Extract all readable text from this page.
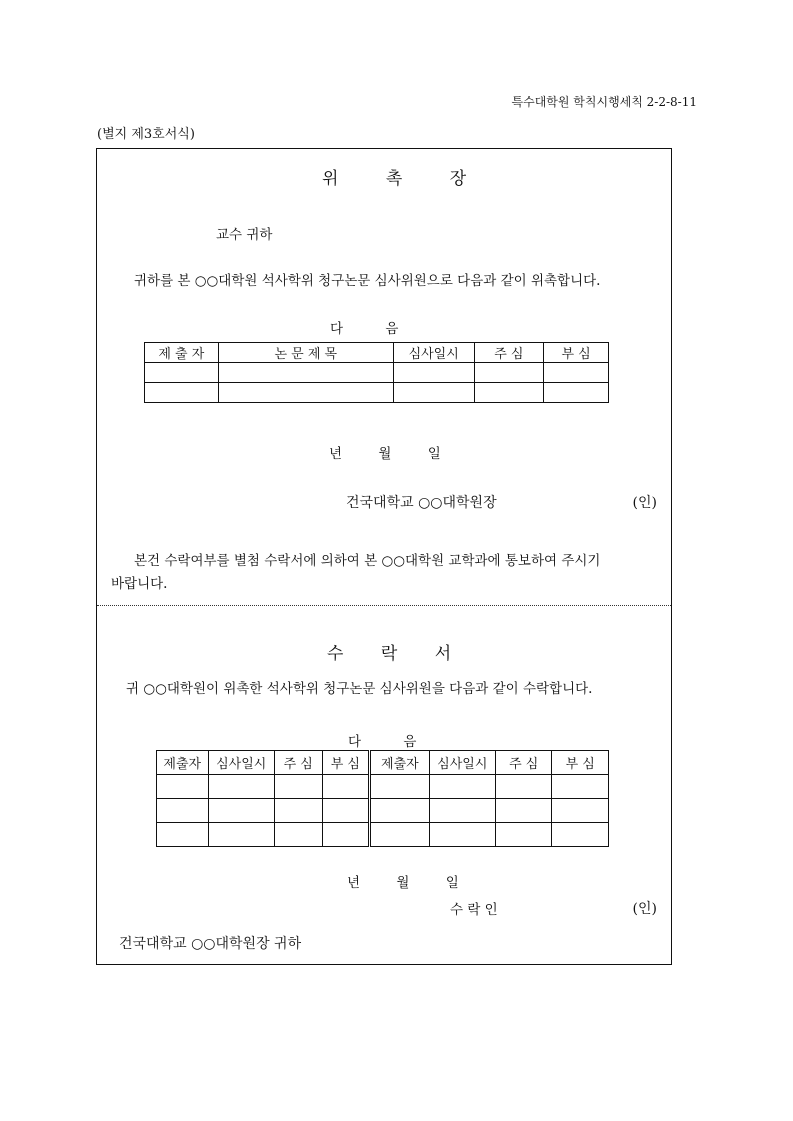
특수대학원 학칙시행세칙 2-2-8-11
(별지 제3호서식)
위	촉	장
교수 귀하
귀하를 본 ○○대학원 석사학위 청구논문 심사위원으로 다음과 같이 위촉합니다.
다	음
제 출 자	논 문 제 목	심사일시	주 심	부 심

년	월	일
건국대학교 ○○대학원장	(인)
본건 수락여부를 별첨 수락서에 의하여 본 ○○대학원 교학과에 통보하여 주시기
바랍니다.
수 락 서
귀 ○○대학원이 위촉한 석사학위 청구논문 심사위원을 다음과 같이 수락합니다.
다	음
제출자	심사일시	주 심	부 심	제출자	심사일시	주 심	부 심

년	월	일
수 락 인	(인)
건국대학교 ○○대학원장 귀하
